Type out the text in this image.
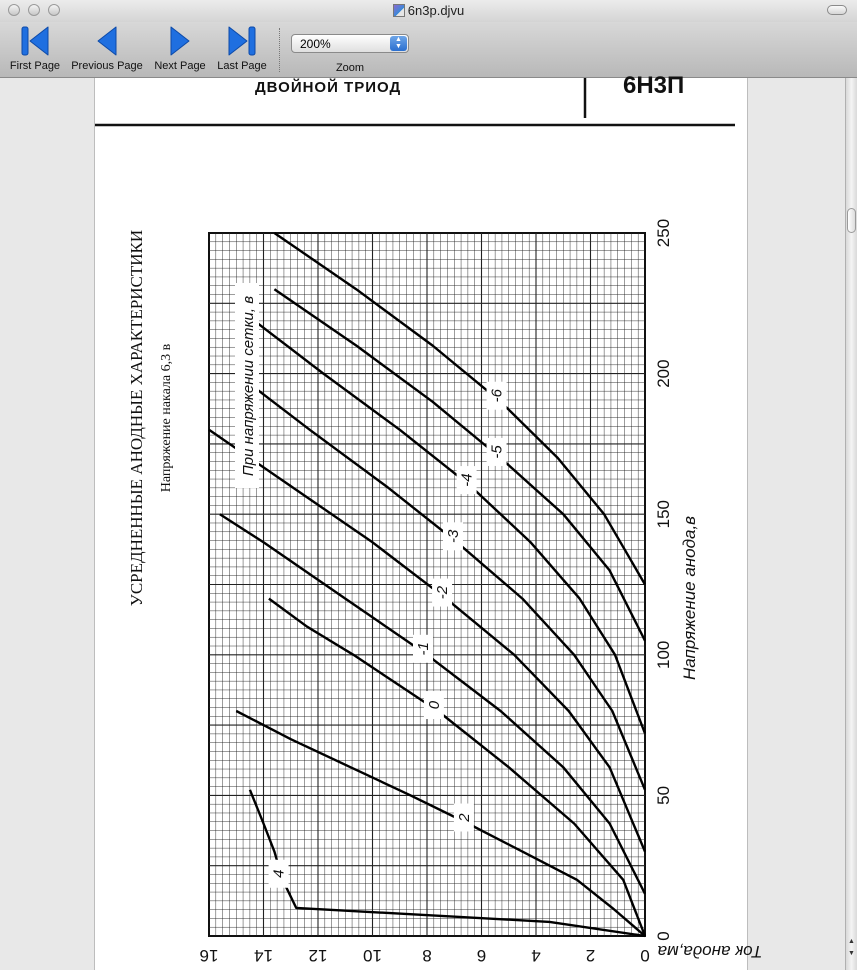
6n3p.djvu
First Page	Previous Page Next Page Last Page
200%	▲
▼
Zoom
ДВОЙНОЙ ТРИОД	6Н3П
УСРЕДНЕННЫЕ АНОДНЫЕ ХАРАКТЕРИСТИКИ Напряжение накала 6,3 в
4
2
0
-1
-2
-3
-4
-5
-6
0
50
100
150
200
250
0
2
4
6
8
10
12
14
16
Напряжение анода,в
Ток анода,ма
При напряжении сетки, в
▲
▼
